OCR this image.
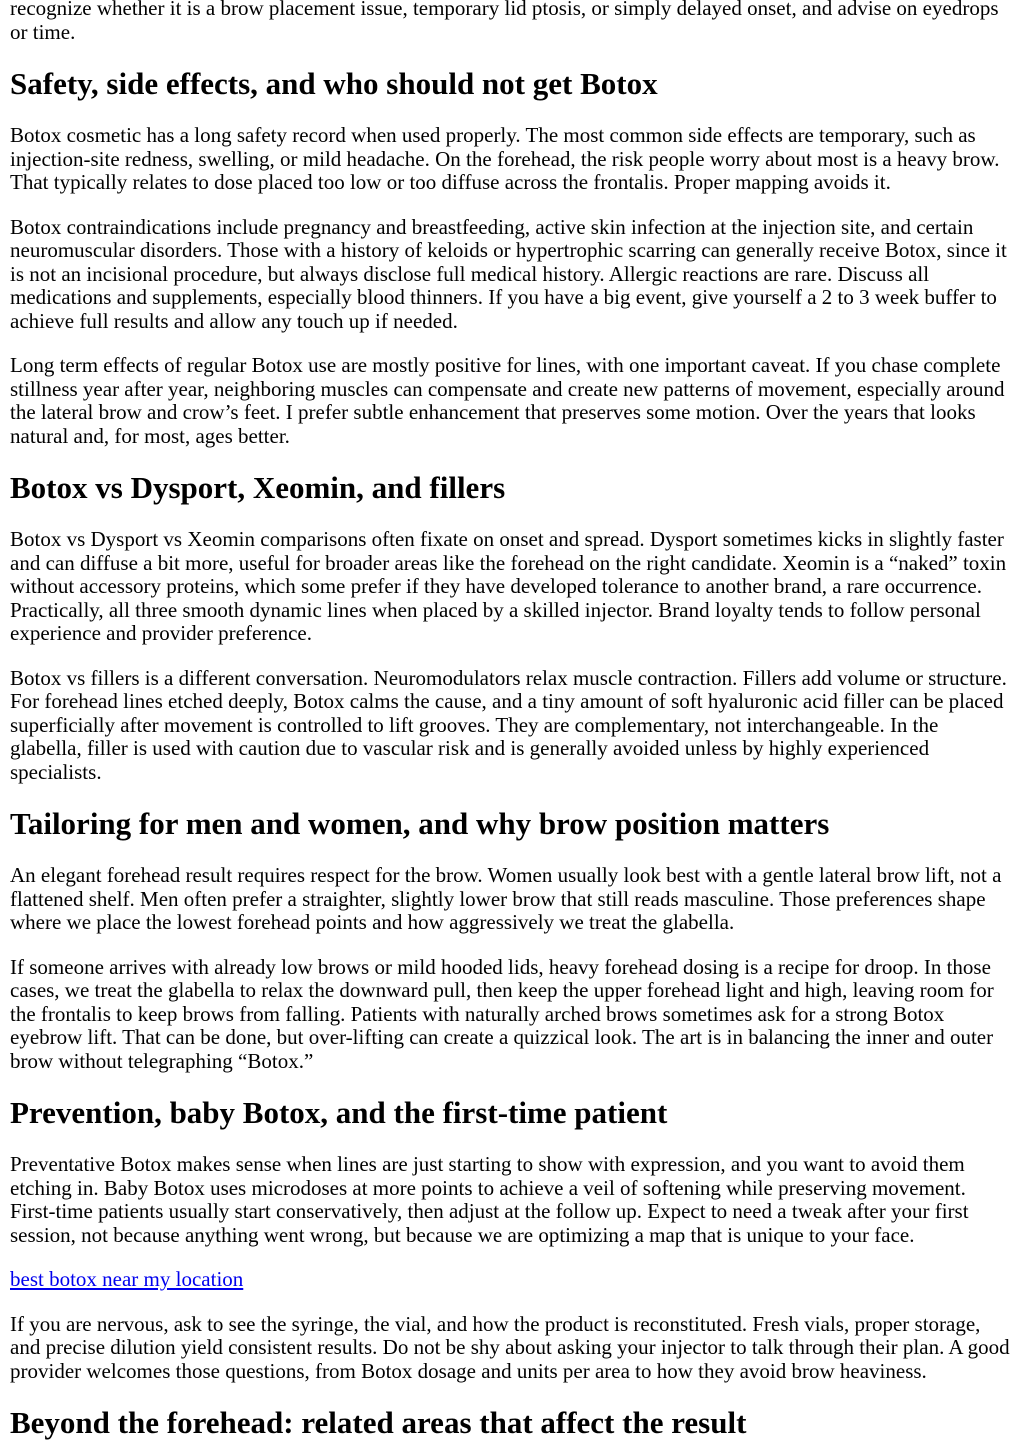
recognize whether it is a brow placement issue, temporary lid ptosis, or simply delayed onset, and advise on eyedrops or time.

Safety, side effects, and who should not get Botox

Botox cosmetic has a long safety record when used properly. The most common side effects are temporary, such as injection-site redness, swelling, or mild headache. On the forehead, the risk people worry about most is a heavy brow. That typically relates to dose placed too low or too diffuse across the frontalis. Proper mapping avoids it.

Botox contraindications include pregnancy and breastfeeding, active skin infection at the injection site, and certain neuromuscular disorders. Those with a history of keloids or hypertrophic scarring can generally receive Botox, since it is not an incisional procedure, but always disclose full medical history. Allergic reactions are rare. Discuss all medications and supplements, especially blood thinners. If you have a big event, give yourself a 2 to 3 week buffer to achieve full results and allow any touch up if needed.

Long term effects of regular Botox use are mostly positive for lines, with one important caveat. If you chase complete stillness year after year, neighboring muscles can compensate and create new patterns of movement, especially around the lateral brow and crow’s feet. I prefer subtle enhancement that preserves some motion. Over the years that looks natural and, for most, ages better.

Botox vs Dysport, Xeomin, and fillers

Botox vs Dysport vs Xeomin comparisons often fixate on onset and spread. Dysport sometimes kicks in slightly faster and can diffuse a bit more, useful for broader areas like the forehead on the right candidate. Xeomin is a “naked” toxin without accessory proteins, which some prefer if they have developed tolerance to another brand, a rare occurrence. Practically, all three smooth dynamic lines when placed by a skilled injector. Brand loyalty tends to follow personal experience and provider preference.

Botox vs fillers is a different conversation. Neuromodulators relax muscle contraction. Fillers add volume or structure. For forehead lines etched deeply, Botox calms the cause, and a tiny amount of soft hyaluronic acid filler can be placed superficially after movement is controlled to lift grooves. They are complementary, not interchangeable. In the glabella, filler is used with caution due to vascular risk and is generally avoided unless by highly experienced specialists.

Tailoring for men and women, and why brow position matters

An elegant forehead result requires respect for the brow. Women usually look best with a gentle lateral brow lift, not a flattened shelf. Men often prefer a straighter, slightly lower brow that still reads masculine. Those preferences shape where we place the lowest forehead points and how aggressively we treat the glabella.

If someone arrives with already low brows or mild hooded lids, heavy forehead dosing is a recipe for droop. In those cases, we treat the glabella to relax the downward pull, then keep the upper forehead light and high, leaving room for the frontalis to keep brows from falling. Patients with naturally arched brows sometimes ask for a strong Botox eyebrow lift. That can be done, but over-lifting can create a quizzical look. The art is in balancing the inner and outer brow without telegraphing “Botox.”

Prevention, baby Botox, and the first-time patient

Preventative Botox makes sense when lines are just starting to show with expression, and you want to avoid them etching in. Baby Botox uses microdoses at more points to achieve a veil of softening while preserving movement. First-time patients usually start conservatively, then adjust at the follow up. Expect to need a tweak after your first session, not because anything went wrong, but because we are optimizing a map that is unique to your face.

best botox near my location

If you are nervous, ask to see the syringe, the vial, and how the product is reconstituted. Fresh vials, proper storage, and precise dilution yield consistent results. Do not be shy about asking your injector to talk through their plan. A good provider welcomes those questions, from Botox dosage and units per area to how they avoid brow heaviness.

Beyond the forehead: related areas that affect the result
